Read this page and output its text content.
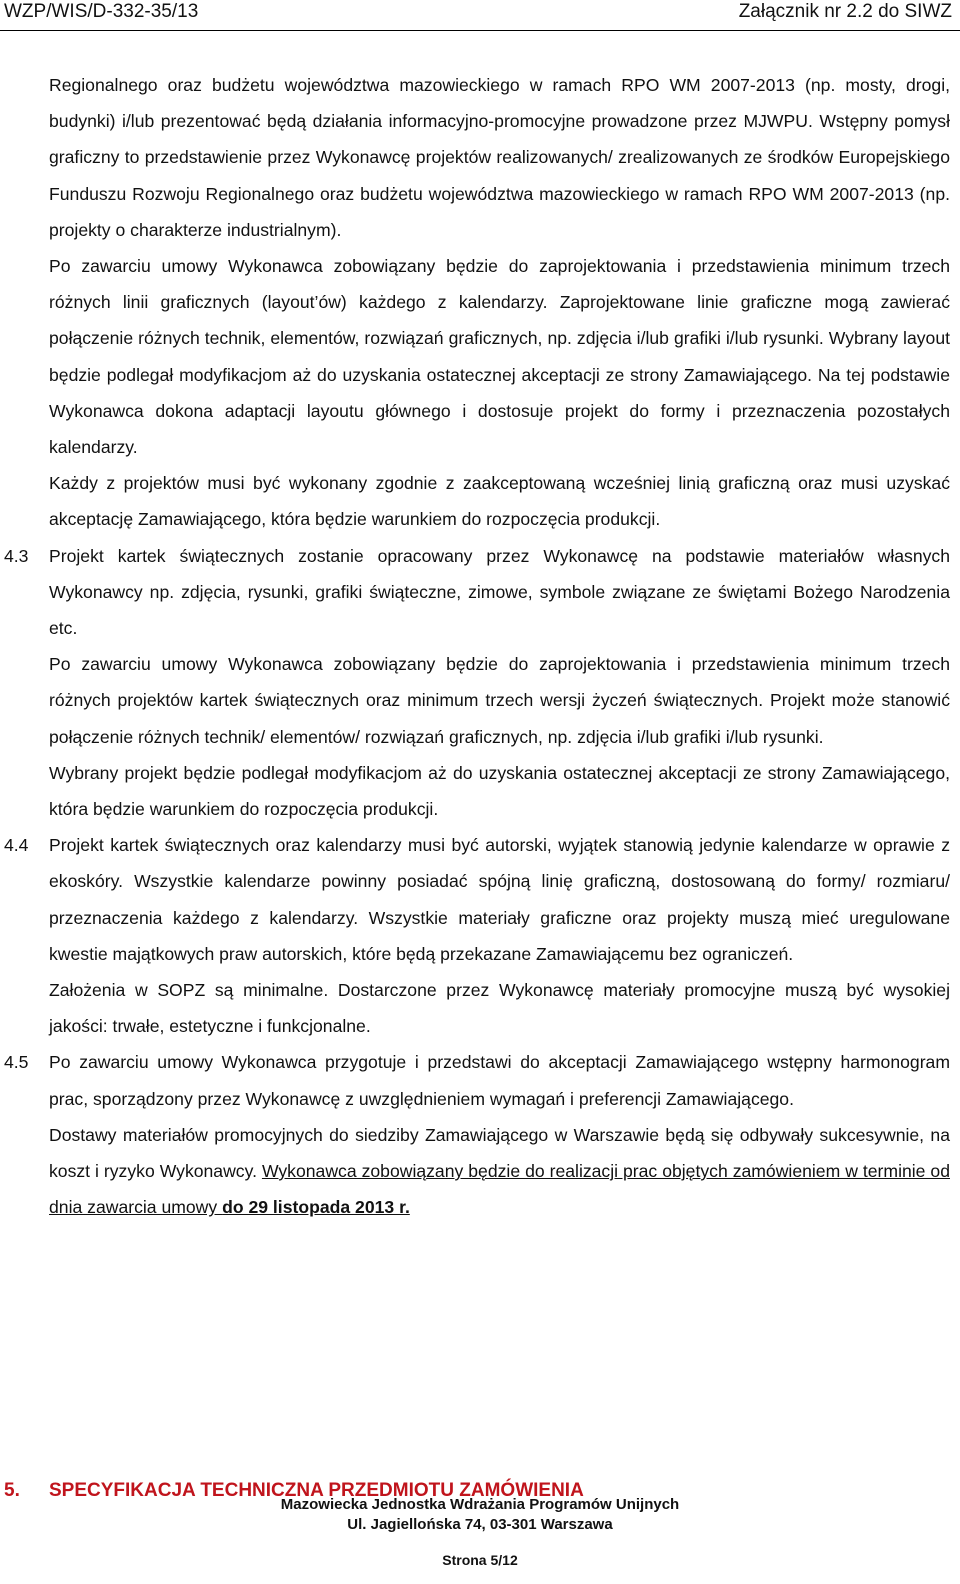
WZP/WIS/D-332-35/13	Załącznik nr 2.2 do SIWZ
Regionalnego oraz budżetu województwa mazowieckiego w ramach RPO WM 2007-2013 (np. mosty, drogi, budynki) i/lub prezentować będą działania informacyjno-promocyjne prowadzone przez MJWPU. Wstępny pomysł graficzny to przedstawienie przez Wykonawcę projektów realizowanych/ zrealizowanych ze środków Europejskiego Funduszu Rozwoju Regionalnego oraz budżetu województwa mazowieckiego w ramach RPO WM 2007-2013 (np. projekty o charakterze industrialnym).
Po zawarciu umowy Wykonawca zobowiązany będzie do zaprojektowania i przedstawienia minimum trzech różnych linii graficznych (layout’ów) każdego z kalendarzy. Zaprojektowane linie graficzne mogą zawierać połączenie różnych technik, elementów, rozwiązań graficznych, np. zdjęcia i/lub grafiki i/lub rysunki. Wybrany layout będzie podlegał modyfikacjom aż do uzyskania ostatecznej akceptacji ze strony Zamawiającego. Na tej podstawie Wykonawca dokona adaptacji layoutu głównego i dostosuje projekt do formy i przeznaczenia pozostałych kalendarzy.
Każdy z projektów musi być wykonany zgodnie z zaakceptowaną wcześniej linią graficzną oraz musi uzyskać akceptację Zamawiającego, która będzie warunkiem do rozpoczęcia produkcji.
4.3 Projekt kartek świątecznych zostanie opracowany przez Wykonawcę na podstawie materiałów własnych Wykonawcy np. zdjęcia, rysunki, grafiki świąteczne, zimowe, symbole związane ze świętami Bożego Narodzenia etc.
Po zawarciu umowy Wykonawca zobowiązany będzie do zaprojektowania i przedstawienia minimum trzech różnych projektów kartek świątecznych oraz minimum trzech wersji życzeń świątecznych. Projekt może stanowić połączenie różnych technik/ elementów/ rozwiązań graficznych, np. zdjęcia i/lub grafiki i/lub rysunki.
Wybrany projekt będzie podlegał modyfikacjom aż do uzyskania ostatecznej akceptacji ze strony Zamawiającego, która będzie warunkiem do rozpoczęcia produkcji.
4.4 Projekt kartek świątecznych oraz kalendarzy musi być autorski, wyjątek stanowią jedynie kalendarze w oprawie z ekoskóry. Wszystkie kalendarze powinny posiadać spójną linię graficzną, dostosowaną do formy/ rozmiaru/ przeznaczenia każdego z kalendarzy. Wszystkie materiały graficzne oraz projekty muszą mieć uregulowane kwestie majątkowych praw autorskich, które będą przekazane Zamawiającemu bez ograniczeń.
Założenia w SOPZ są minimalne. Dostarczone przez Wykonawcę materiały promocyjne muszą być wysokiej jakości: trwałe, estetyczne i funkcjonalne.
4.5 Po zawarciu umowy Wykonawca przygotuje i przedstawi do akceptacji Zamawiającego wstępny harmonogram prac, sporządzony przez Wykonawcę z uwzględnieniem wymagań i preferencji Zamawiającego.
Dostawy materiałów promocyjnych do siedziby Zamawiającego w Warszawie będą się odbywały sukcesywnie, na koszt i ryzyko Wykonawcy. Wykonawca zobowiązany będzie do realizacji prac objętych zamówieniem w terminie od dnia zawarcia umowy do 29 listopada 2013 r.
5. SPECYFIKACJA TECHNICZNA PRZEDMIOTU ZAMÓWIENIA
Mazowiecka Jednostka Wdrażania Programów Unijnych
Ul. Jagiellońska 74, 03-301 Warszawa
Strona 5/12
